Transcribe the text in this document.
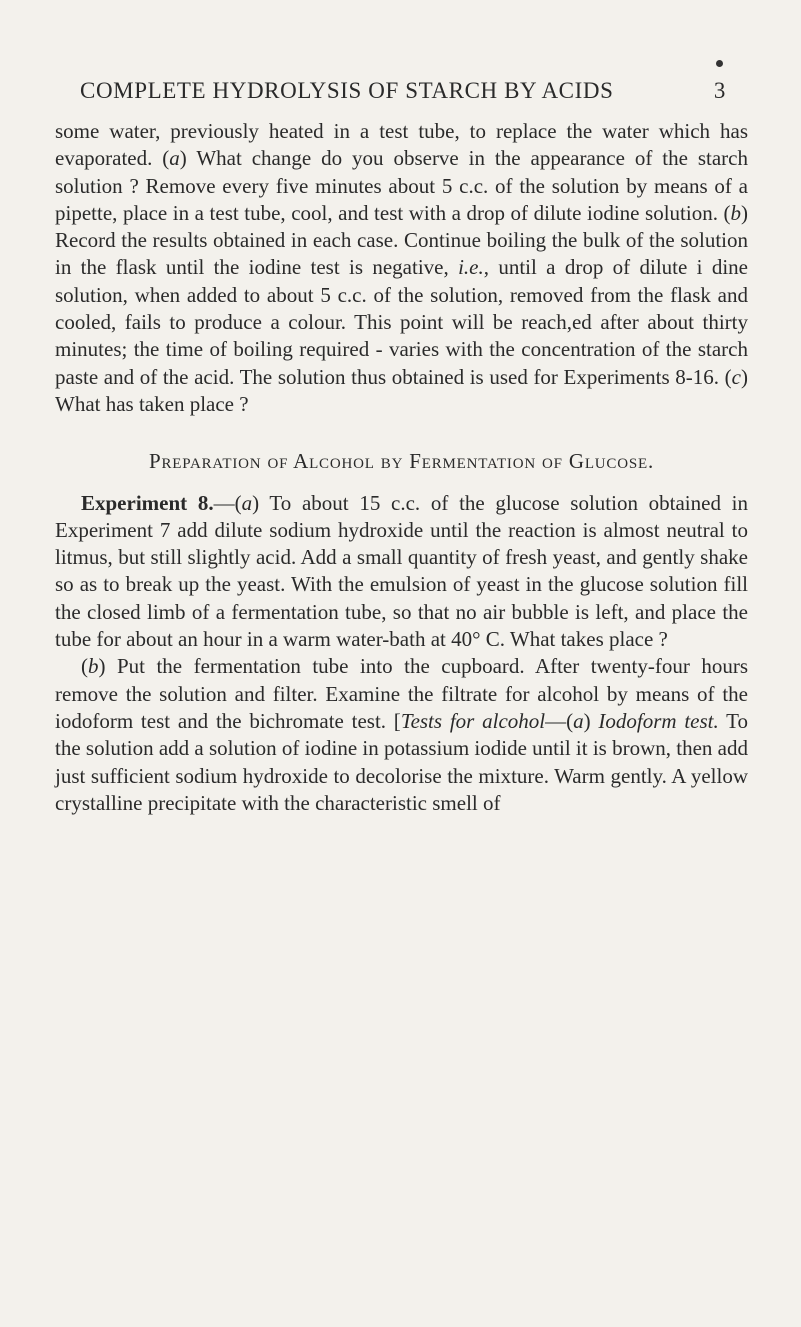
COMPLETE HYDROLYSIS OF STARCH BY ACIDS	3

some water, previously heated in a test tube, to replace the water which has evaporated. (a) What change do you observe in the appearance of the starch solution ? Remove every five minutes about 5 c.c. of the solution by means of a pipette, place in a test tube, cool, and test with a drop of dilute iodine solution. (b) Record the results obtained in each case. Continue boiling the bulk of the solution in the flask until the iodine test is negative, i.e., until a drop of dilute i dine solution, when added to about 5 c.c. of the solution, removed from the flask and cooled, fails to produce a colour. This point will be reach,ed after about thirty minutes; the time of boiling required - varies with the concentration of the starch paste and of the acid. The solution thus obtained is used for Experiments 8-16. (c) What has taken place ?

Preparation of Alcohol by Fermentation of Glucose.

Experiment 8.—(a) To about 15 c.c. of the glucose solution obtained in Experiment 7 add dilute sodium hydroxide until the reaction is almost neutral to litmus, but still slightly acid. Add a small quantity of fresh yeast, and gently shake so as to break up the yeast. With the emulsion of yeast in the glucose solution fill the closed limb of a fermentation tube, so that no air bubble is left, and place the tube for about an hour in a warm water-bath at 40° C. What takes place ?

(b) Put the fermentation tube into the cupboard. After twenty-four hours remove the solution and filter. Examine the filtrate for alcohol by means of the iodoform test and the bichromate test. [Tests for alcohol—(a) Iodoform test. To the solution add a solution of iodine in potassium iodide until it is brown, then add just sufficient sodium hydroxide to decolorise the mixture. Warm gently. A yellow crystalline precipitate with the characteristic smell of
